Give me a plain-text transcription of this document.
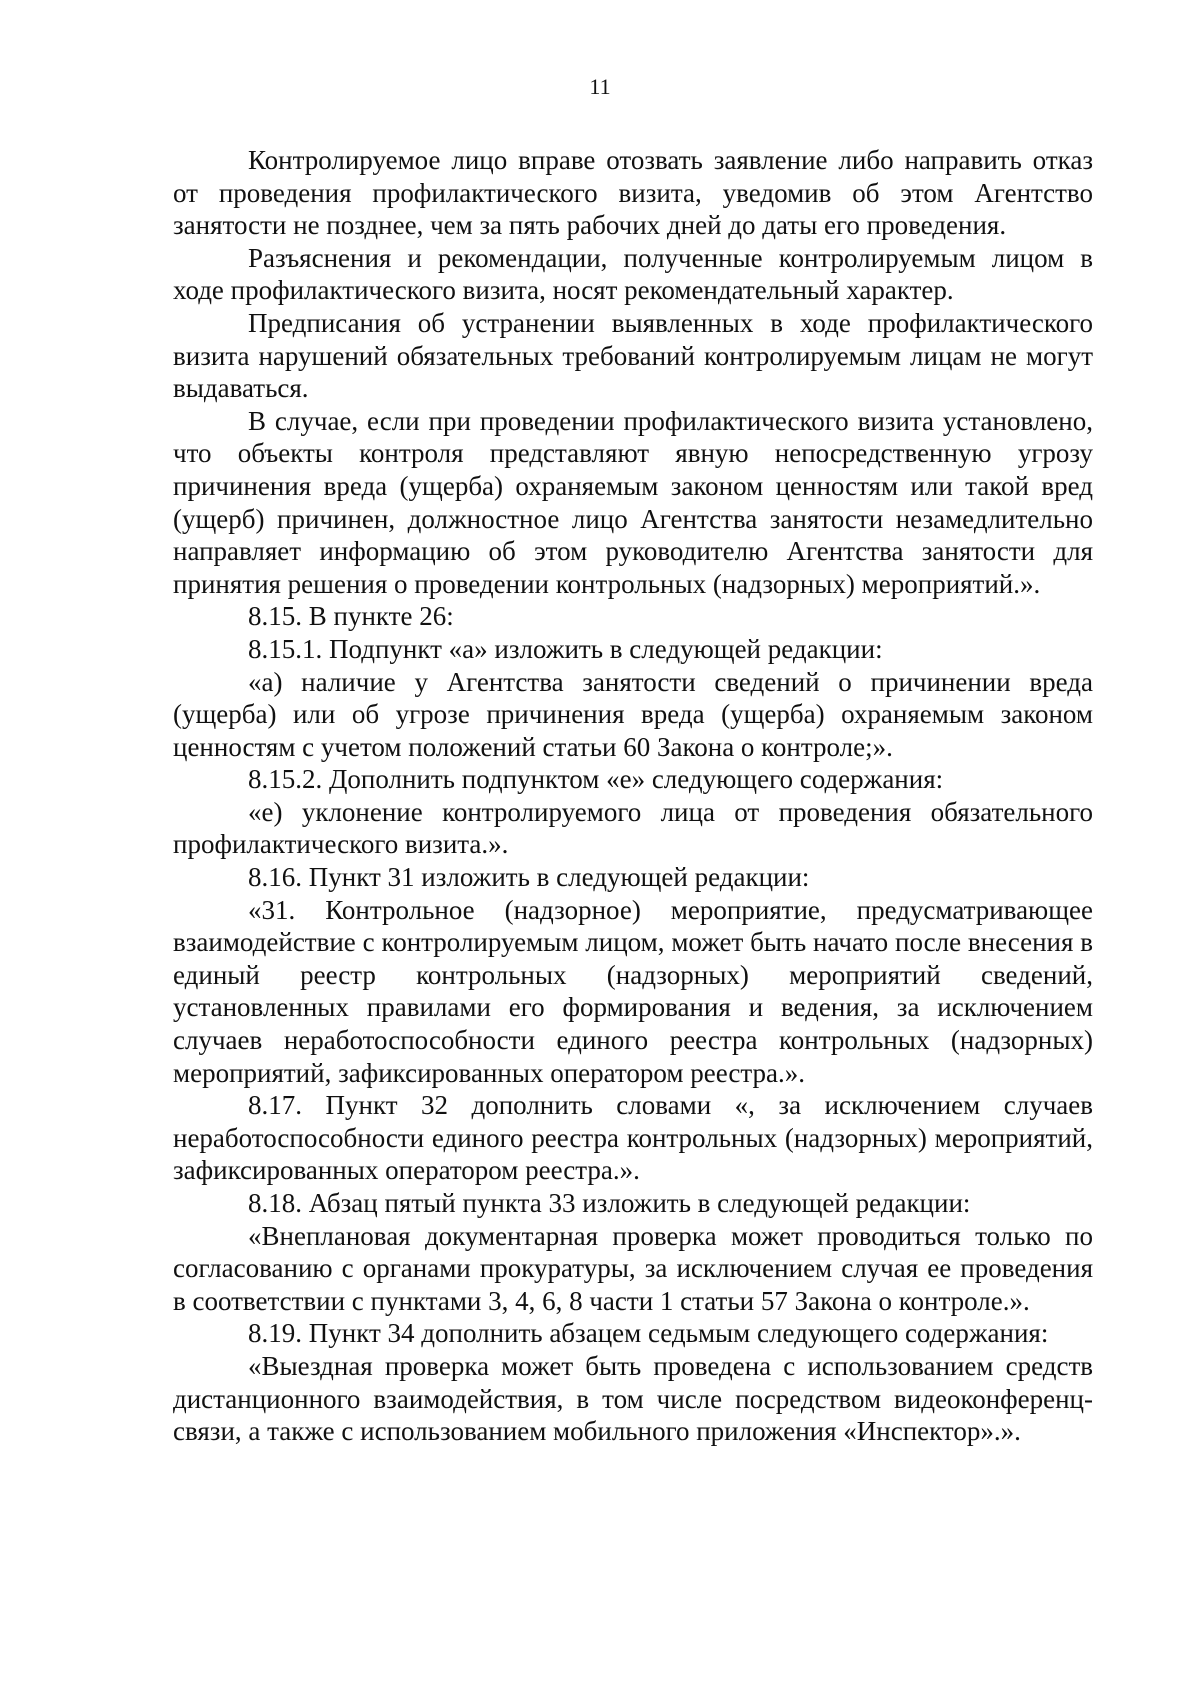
11

Контролируемое лицо вправе отозвать заявление либо направить отказ от проведения профилактического визита, уведомив об этом Агентство занятости не позднее, чем за пять рабочих дней до даты его проведения.

Разъяснения и рекомендации, полученные контролируемым лицом в ходе профилактического визита, носят рекомендательный характер.

Предписания об устранении выявленных в ходе профилактического визита нарушений обязательных требований контролируемым лицам не могут выдаваться.

В случае, если при проведении профилактического визита установлено, что объекты контроля представляют явную непосредственную угрозу причинения вреда (ущерба) охраняемым законом ценностям или такой вред (ущерб) причинен, должностное лицо Агентства занятости незамедлительно направляет информацию об этом руководителю Агентства занятости для принятия решения о проведении контрольных (надзорных) мероприятий.».

8.15. В пункте 26:

8.15.1. Подпункт «а» изложить в следующей редакции:

«а) наличие у Агентства занятости сведений о причинении вреда (ущерба) или об угрозе причинения вреда (ущерба) охраняемым законом ценностям с учетом положений статьи 60 Закона о контроле;».

8.15.2. Дополнить подпунктом «е» следующего содержания:

«е) уклонение контролируемого лица от проведения обязательного профилактического визита.».

8.16. Пункт 31 изложить в следующей редакции:

«31. Контрольное (надзорное) мероприятие, предусматривающее взаимодействие с контролируемым лицом, может быть начато после внесения в единый реестр контрольных (надзорных) мероприятий сведений, установленных правилами его формирования и ведения, за исключением случаев неработоспособности единого реестра контрольных (надзорных) мероприятий, зафиксированных оператором реестра.».

8.17. Пункт 32 дополнить словами «, за исключением случаев неработоспособности единого реестра контрольных (надзорных) мероприятий, зафиксированных оператором реестра.».

8.18. Абзац пятый пункта 33 изложить в следующей редакции:

«Внеплановая документарная проверка может проводиться только по согласованию с органами прокуратуры, за исключением случая ее проведения в соответствии с пунктами 3, 4, 6, 8 части 1 статьи 57 Закона о контроле.».

8.19. Пункт 34 дополнить абзацем седьмым следующего содержания:

«Выездная проверка может быть проведена с использованием средств дистанционного взаимодействия, в том числе посредством видеоконференц-связи, а также с использованием мобильного приложения «Инспектор».».
